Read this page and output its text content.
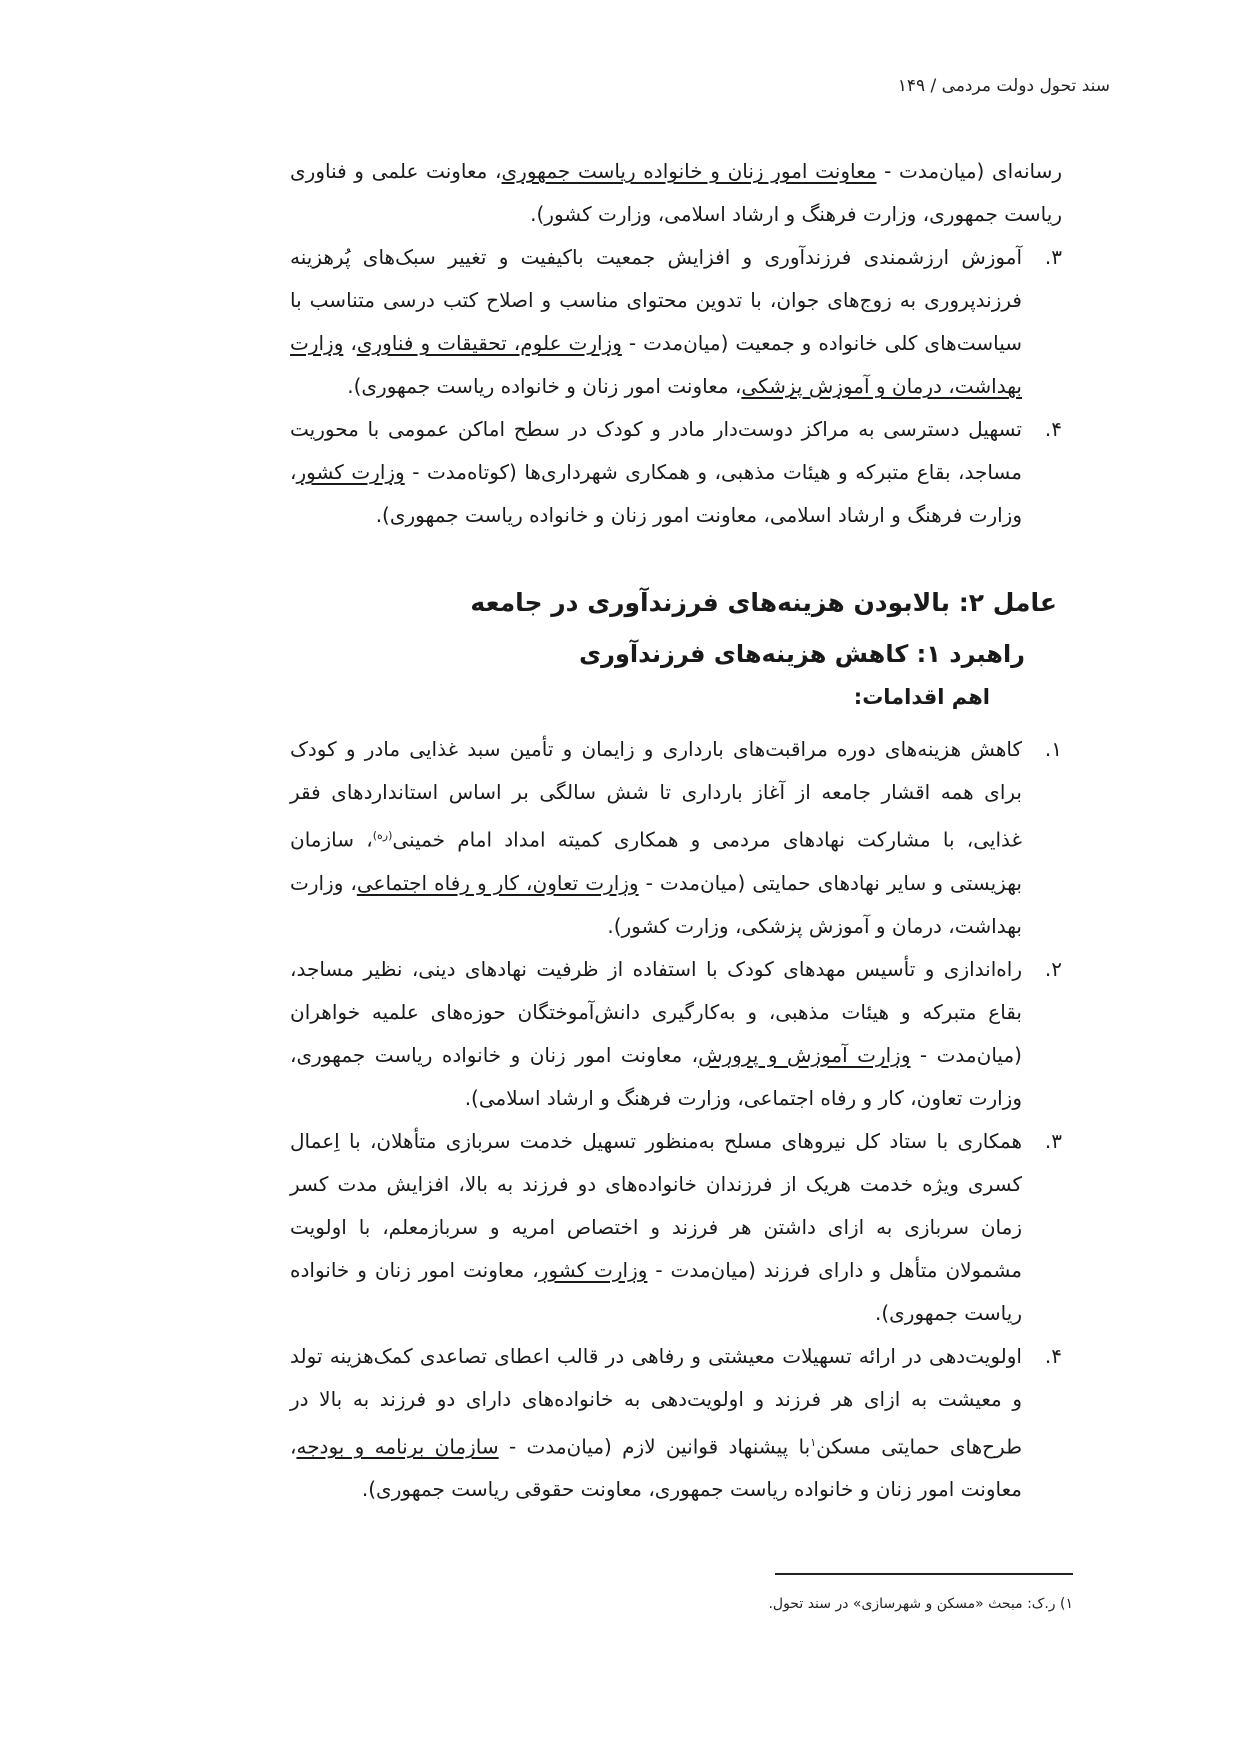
سند تحول دولت مردمی / ۱۴۹

رسانه‌ای (میان‌مدت - معاونت امور زنان و خانواده ریاست جمهوری، معاونت علمی و فناوری ریاست جمهوری، وزارت فرهنگ و ارشاد اسلامی، وزارت کشور).

۳.
آموزش ارزشمندی فرزندآوری و افزایش جمعیت باکیفیت و تغییر سبک‌های پُرهزینه فرزندپروری به زوج‌های جوان، با تدوین محتوای مناسب و اصلاح کتب درسی متناسب با سیاست‌های کلی خانواده و جمعیت (میان‌مدت - وزارت علوم، تحقیقات و فناوری، وزارت بهداشت، درمان و آموزش پزشکی، معاونت امور زنان و خانواده ریاست جمهوری).

۴.
تسهیل دسترسی به مراکز دوست‌دار مادر و کودک در سطح اماکن عمومی با محوریت مساجد، بقاع متبرکه و هیئات مذهبی، و همکاری شهرداری‌ها (کوتاه‌مدت - وزارت کشور، وزارت فرهنگ و ارشاد اسلامی، معاونت امور زنان و خانواده ریاست جمهوری).

عامل ۲: بالابودن هزینه‌های فرزندآوری در جامعه
راهبرد ۱: کاهش هزینه‌های فرزندآوری
اهم اقدامات:

۱.
کاهش هزینه‌های دوره مراقبت‌های بارداری و زایمان و تأمین سبد غذایی مادر و کودک برای همه اقشار جامعه از آغاز بارداری تا شش سالگی بر اساس استانداردهای فقر غذایی، با مشارکت نهادهای مردمی و همکاری کمیته امداد امام خمینی$^{(ره)}$، سازمان بهزیستی و سایر نهادهای حمایتی (میان‌مدت - وزارت تعاون، کار و رفاه اجتماعی، وزارت بهداشت، درمان و آموزش پزشکی، وزارت کشور).

۲.
راه‌اندازی و تأسیس مهدهای کودک با استفاده از ظرفیت نهادهای دینی، نظیر مساجد، بقاع متبرکه و هیئات مذهبی، و به‌کارگیری دانش‌آموختگان حوزه‌های علمیه خواهران (میان‌مدت - وزارت آموزش و پرورش، معاونت امور زنان و خانواده ریاست جمهوری، وزارت تعاون، کار و رفاه اجتماعی، وزارت فرهنگ و ارشاد اسلامی).

۳.
همکاری با ستاد کل نیروهای مسلح به‌منظور تسهیل خدمت سربازی متأهلان، با اِعمال کسری ویژه خدمت هریک از فرزندان خانواده‌های دو فرزند به بالا، افزایش مدت کسر زمان سربازی به ازای داشتن هر فرزند و اختصاص امریه و سربازمعلم، با اولویت مشمولان متأهل و دارای فرزند (میان‌مدت - وزارت کشور، معاونت امور زنان و خانواده ریاست جمهوری).

۴.
اولویت‌دهی در ارائه تسهیلات معیشتی و رفاهی در قالب اعطای تصاعدی کمک‌هزینه تولد و معیشت به ازای هر فرزند و اولویت‌دهی به خانواده‌های دارای دو فرزند به بالا در طرح‌های حمایتی مسکن$^۱$با پیشنهاد قوانین لازم (میان‌مدت - سازمان برنامه و بودجه، معاونت امور زنان و خانواده ریاست جمهوری، معاونت حقوقی ریاست جمهوری).

۱) ر.ک: مبحث «مسکن و شهرسازی» در سند تحول.
